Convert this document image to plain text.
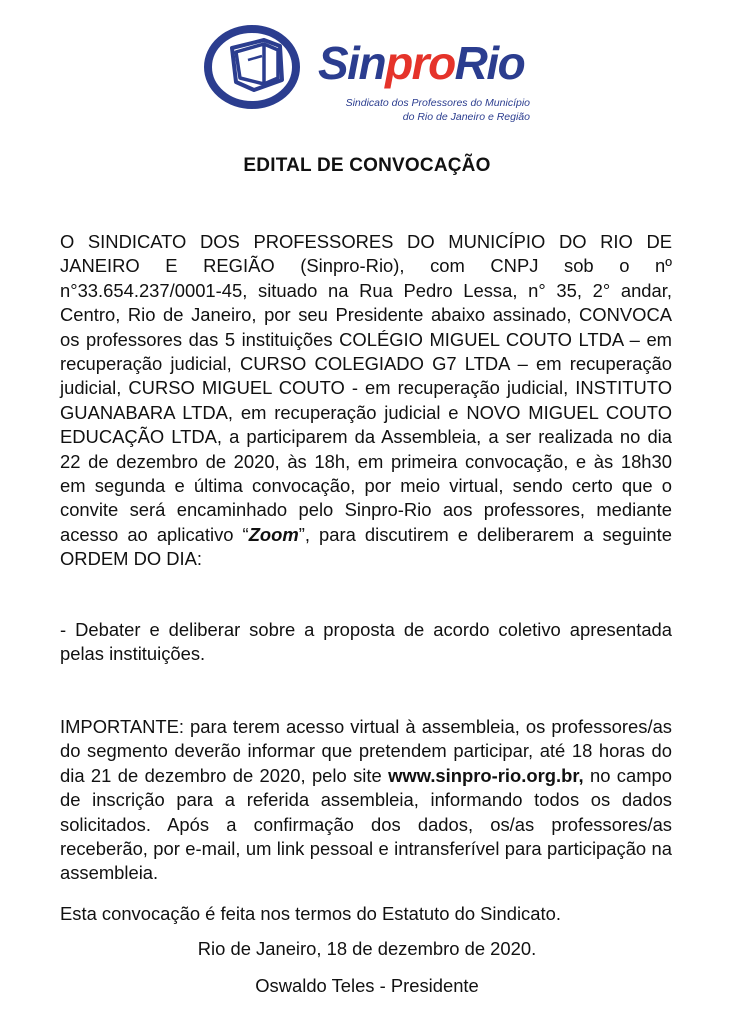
SinproRio
Sindicato dos Professores do Município
do Rio de Janeiro e Região
EDITAL DE CONVOCAÇÃO

O SINDICATO DOS PROFESSORES DO MUNICÍPIO DO RIO DE JANEIRO E REGIÃO (Sinpro-Rio), com CNPJ sob o nº n°33.654.237/0001-45, situado na Rua Pedro Lessa, n° 35, 2° andar, Centro, Rio de Janeiro, por seu Presidente abaixo assinado, CONVOCA os professores das 5 instituições COLÉGIO MIGUEL COUTO LTDA – em recuperação judicial, CURSO COLEGIADO G7 LTDA – em recuperação judicial, CURSO MIGUEL COUTO - em recuperação judicial, INSTITUTO GUANABARA LTDA, em recuperação judicial e NOVO MIGUEL COUTO EDUCAÇÃO LTDA, a participarem da Assembleia, a ser realizada no dia 22 de dezembro de 2020, às 18h, em primeira convocação, e às 18h30 em segunda e última convocação, por meio virtual, sendo certo que o convite será encaminhado pelo Sinpro-Rio aos professores, mediante acesso ao aplicativo “Zoom”, para discutirem e deliberarem a seguinte ORDEM DO DIA:

- Debater e deliberar sobre a proposta de acordo coletivo apresentada pelas instituições.

IMPORTANTE: para terem acesso virtual à assembleia, os professores/as do segmento deverão informar que pretendem participar, até 18 horas do dia 21 de dezembro de 2020, pelo site www.sinpro-rio.org.br, no campo de inscrição para a referida assembleia, informando todos os dados solicitados. Após a confirmação dos dados, os/as professores/as receberão, por e-mail, um link pessoal e intransferível para participação na assembleia.

Esta convocação é feita nos termos do Estatuto do Sindicato.

Rio de Janeiro, 18 de dezembro de 2020.
Oswaldo Teles - Presidente
